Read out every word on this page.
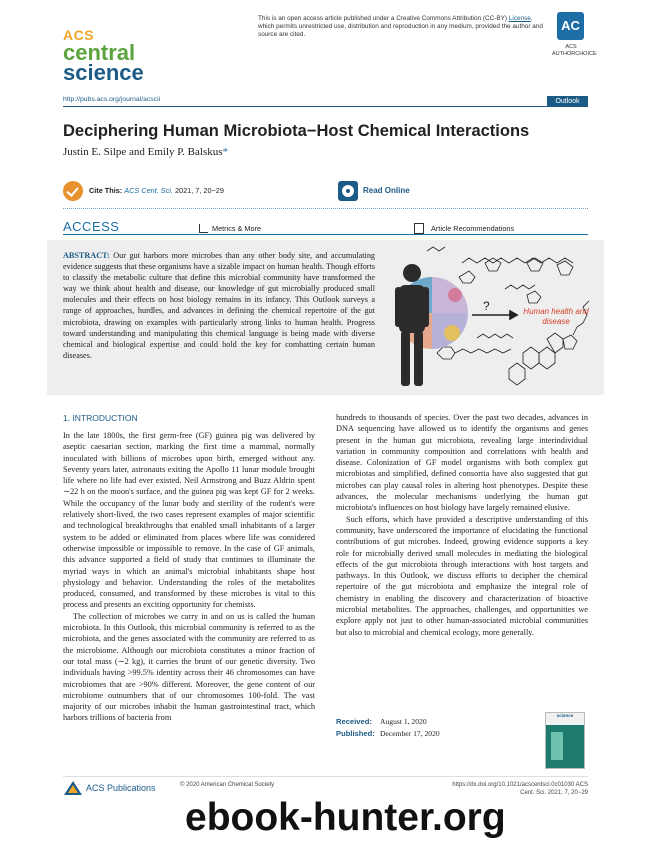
ACS
central
science
This is an open access article published under a Creative Commons Attribution (CC-BY) License, which permits unrestricted use, distribution and reproduction in any medium, provided the author and source are cited.
AC
ACS AUTHORCHOICE
http://pubs.acs.org/journal/acscii	Outlook
Deciphering Human Microbiota−Host Chemical Interactions
Justin E. Silpe and Emily P. Balskus*
Cite This: ACS Cent. Sci. 2021, 7, 20−29	Read Online
ACCESS	Metrics & More	Article Recommendations
ABSTRACT: Our gut harbors more microbes than any other body site, and accumulating evidence suggests that these organisms have a sizable impact on human health. Though efforts to classify the metabolic culture that define this microbial community have transformed the way we think about health and disease, our knowledge of gut microbially produced small molecules and their effects on host biology remains in its infancy. This Outlook surveys a range of approaches, hurdles, and advances in defining the chemical repertoire of the gut microbiota, drawing on examples with particularly strong links to human health. Progress toward understanding and manipulating this chemical language is being made with diverse chemical and biological expertise and could hold the key for combatting certain human diseases.
?	Human health and disease
1. INTRODUCTION

In the late 1800s, the first germ-free (GF) guinea pig was delivered by aseptic caesarian section, marking the first time a mammal, normally inoculated with billions of microbes upon birth, emerged without any. Seventy years later, astronauts exiting the Apollo 11 lunar module brought life where no life had ever existed. Neil Armstrong and Buzz Aldrin spent ∼22 h on the moon's surface, and the guinea pig was kept GF for 2 weeks. While the occupancy of the lunar body and sterility of the rodent's were relatively short-lived, the two cases represent examples of major scientific and technological breakthroughs that enabled small inhabitants of a larger system to be added or eliminated from places where life was considered otherwise impossible or impossible to remove. In the case of GF animals, this advance supported a field of study that continues to illuminate the myriad ways in which an animal's microbial inhabitants shape host physiology and behavior. Understanding the roles of the metabolites produced, consumed, and transformed by these microbes is vital to this process and presents an exciting opportunity for chemists.

The collection of microbes we carry in and on us is called the human microbiota. In this Outlook, this microbial community is referred to as the microbiota, and the genes associated with the community are referred to as the microbiome. Although our microbiota constitutes a minor fraction of our total mass (∼2 kg), it carries the brunt of our genetic diversity. Two individuals having >99.5% identity across their 46 chromosomes can have microbiomes that are >90% different. Moreover, the gene content of our microbiome outnumbers that of our chromosomes 100-fold. The vast majority of our microbes inhabit the human gastrointestinal tract, which harbors trillions of bacteria from

hundreds to thousands of species. Over the past two decades, advances in DNA sequencing have allowed us to identify the organisms and genes present in the human gut microbiota, revealing large interindividual variation in community composition and correlations with health and disease. Colonization of GF model organisms with both complex gut microbiotas and simplified, defined consortia have also suggested that gut microbes can play causal roles in altering host phenotypes. Despite these advances, the molecular mechanisms underlying the human gut microbiota's influences on host biology have largely remained elusive.

Such efforts, which have provided a descriptive understanding of this community, have underscored the importance of elucidating the functional contributions of gut microbes. Indeed, growing evidence supports a key role for microbially derived small molecules in mediating the biological effects of the gut microbiota through interactions with host targets and pathways. In this Outlook, we discuss efforts to decipher the chemical repertoire of the gut microbiota and emphasize the integral role of chemistry in enabling the discovery and characterization of bioactive microbial metabolites. The approaches, challenges, and opportunities we explore apply not just to other human-associated microbial communities but also to microbial and chemical ecology, more generally.

Received: August 1, 2020
Published: December 17, 2020
science
ACS Publications	© 2020 American Chemical Society	https://dx.doi.org/10.1021/acscentsci.0c01030 ACS Cent. Sci. 2021, 7, 20−29
ebook-hunter.org
